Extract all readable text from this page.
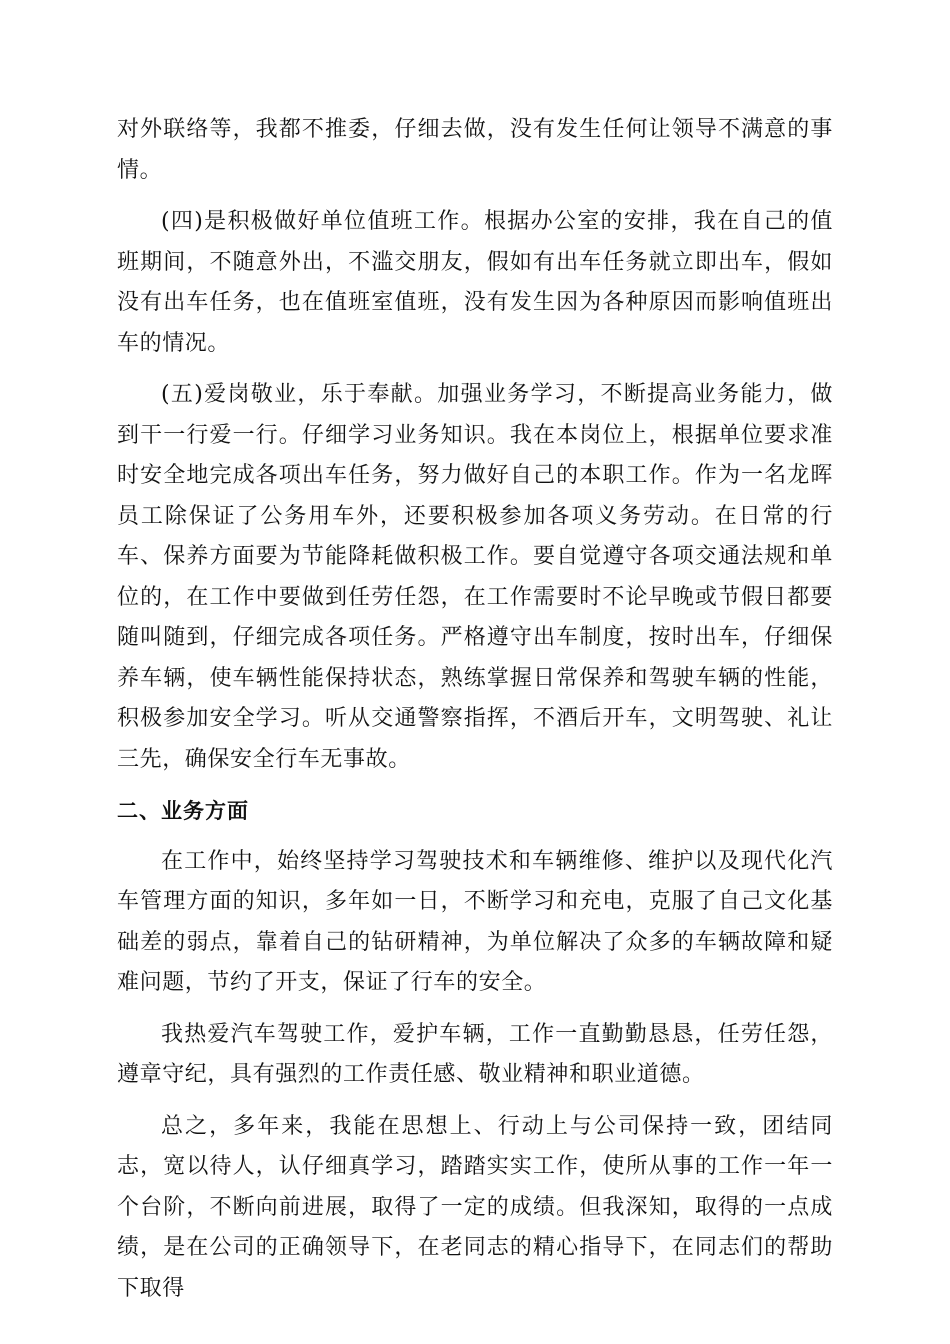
对外联络等，我都不推委，仔细去做，没有发生任何让领导不满意的事情。

(四)是积极做好单位值班工作。根据办公室的安排，我在自己的值班期间，不随意外出，不滥交朋友，假如有出车任务就立即出车，假如没有出车任务，也在值班室值班，没有发生因为各种原因而影响值班出车的情况。

(五)爱岗敬业，乐于奉献。加强业务学习，不断提高业务能力，做到干一行爱一行。仔细学习业务知识。我在本岗位上，根据单位要求准时安全地完成各项出车任务，努力做好自己的本职工作。作为一名龙晖员工除保证了公务用车外，还要积极参加各项义务劳动。在日常的行车、保养方面要为节能降耗做积极工作。要自觉遵守各项交通法规和单位的，在工作中要做到任劳任怨，在工作需要时不论早晚或节假日都要随叫随到，仔细完成各项任务。严格遵守出车制度，按时出车，仔细保养车辆，使车辆性能保持状态，熟练掌握日常保养和驾驶车辆的性能，积极参加安全学习。听从交通警察指挥，不酒后开车，文明驾驶、礼让三先，确保安全行车无事故。

二、业务方面

在工作中，始终坚持学习驾驶技术和车辆维修、维护以及现代化汽车管理方面的知识，多年如一日，不断学习和充电，克服了自己文化基础差的弱点，靠着自己的钻研精神，为单位解决了众多的车辆故障和疑难问题，节约了开支，保证了行车的安全。

我热爱汽车驾驶工作，爱护车辆，工作一直勤勤恳恳，任劳任怨，遵章守纪，具有强烈的工作责任感、敬业精神和职业道德。

总之，多年来，我能在思想上、行动上与公司保持一致，团结同志，宽以待人，认仔细真学习，踏踏实实工作，使所从事的工作一年一个台阶，不断向前进展，取得了一定的成绩。但我深知，取得的一点成绩，是在公司的正确领导下，在老同志的精心指导下，在同志们的帮助下取得
